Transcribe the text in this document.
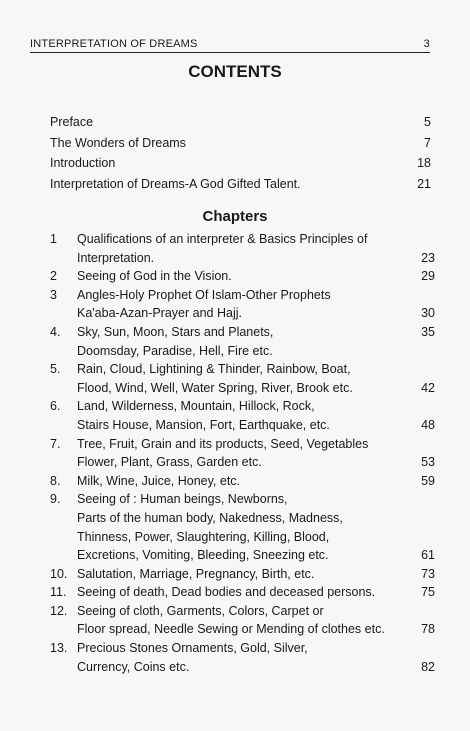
INTERPRETATION OF DREAMS	3
CONTENTS
Preface	5
The Wonders of Dreams	7
Introduction	18
Interpretation of Dreams-A God Gifted Talent.	21
Chapters
1 Qualifications of an interpreter & Basics Principles of
Interpretation.	23
2 Seeing of God in the Vision.	29
3 Angles-Holy Prophet Of Islam-Other Prophets
Ka'aba-Azan-Prayer and Hajj.	30
4. Sky, Sun, Moon, Stars and Planets,	35
Doomsday, Paradise, Hell, Fire etc.
5. Rain, Cloud, Lightining & Thinder, Rainbow, Boat,
Flood, Wind, Well, Water Spring, River, Brook etc.	42
6. Land, Wilderness, Mountain, Hillock, Rock,
Stairs House, Mansion, Fort, Earthquake, etc.	48
7. Tree, Fruit, Grain and its products, Seed, Vegetables
Flower, Plant, Grass, Garden etc.	53
8. Milk, Wine, Juice, Honey, etc.	59
9. Seeing of : Human beings, Newborns,
Parts of the human body, Nakedness, Madness,
Thinness, Power, Slaughtering, Killing, Blood,
Excretions, Vomiting, Bleeding, Sneezing etc.	61
10. Salutation, Marriage, Pregnancy, Birth, etc.	73
11. Seeing of death, Dead bodies and deceased persons.	75
12. Seeing of cloth, Garments, Colors, Carpet or
Floor spread, Needle Sewing or Mending of clothes etc.	78
13. Precious Stones Ornaments, Gold, Silver,
Currency, Coins etc.	82
